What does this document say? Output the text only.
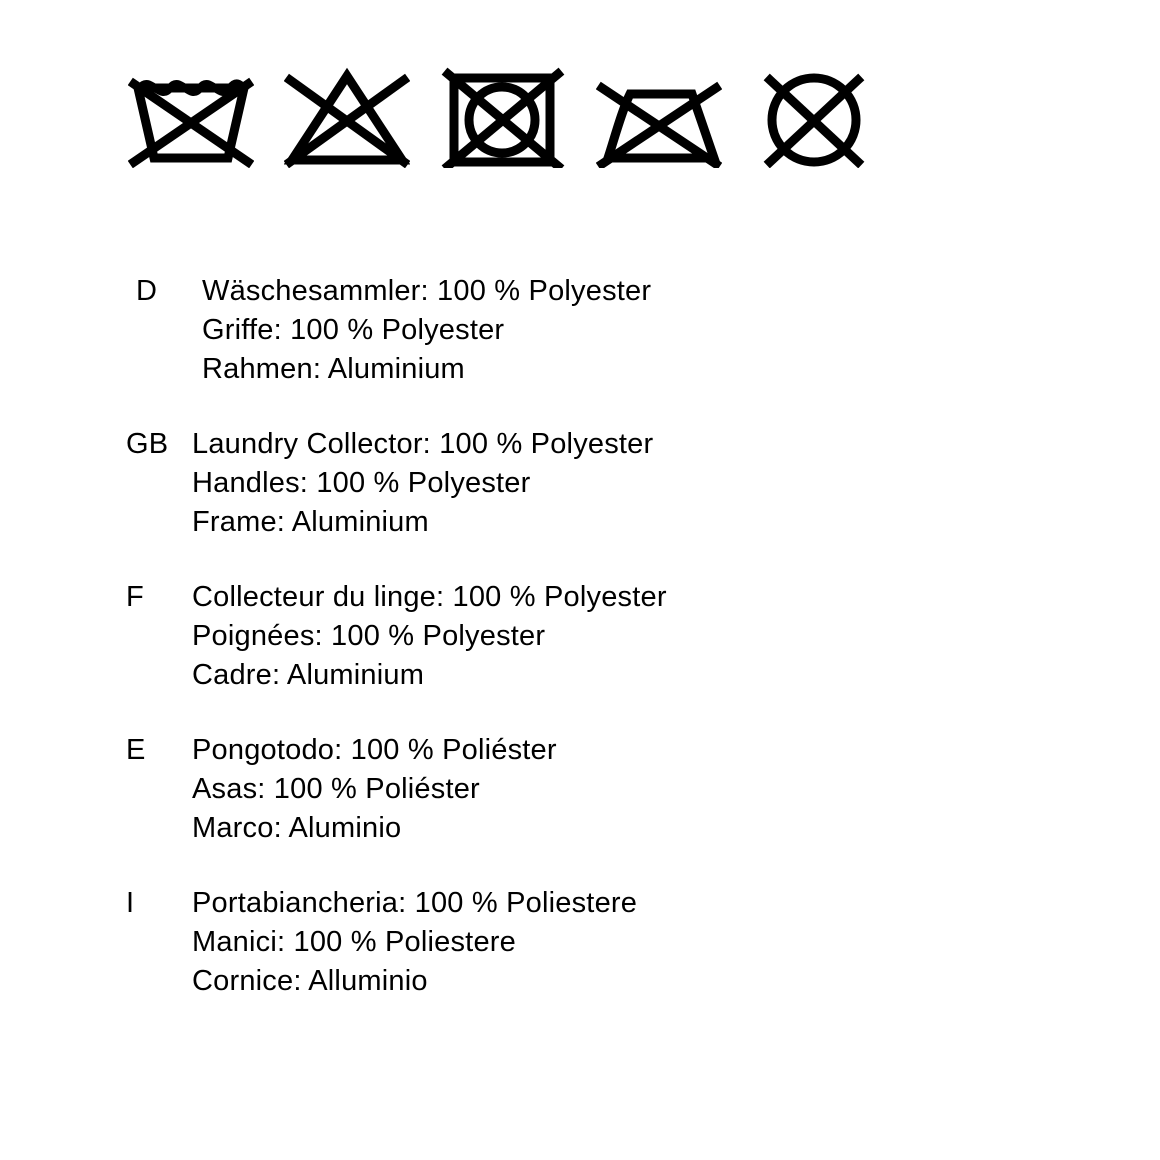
D	Wäschesammler: 100 % Polyester
Griffe: 100 % Polyester
Rahmen: Aluminium
GB Laundry Collector: 100 % Polyester
Handles: 100 % Polyester
Frame: Aluminium
F	Collecteur du linge: 100 % Polyester
Poignées: 100 % Polyester
Cadre: Aluminium
E	Pongotodo: 100 % Poliéster
Asas: 100 % Poliéster
Marco: Aluminio
I	Portabiancheria: 100 % Poliestere
Manici: 100 % Poliestere
Cornice: Alluminio
